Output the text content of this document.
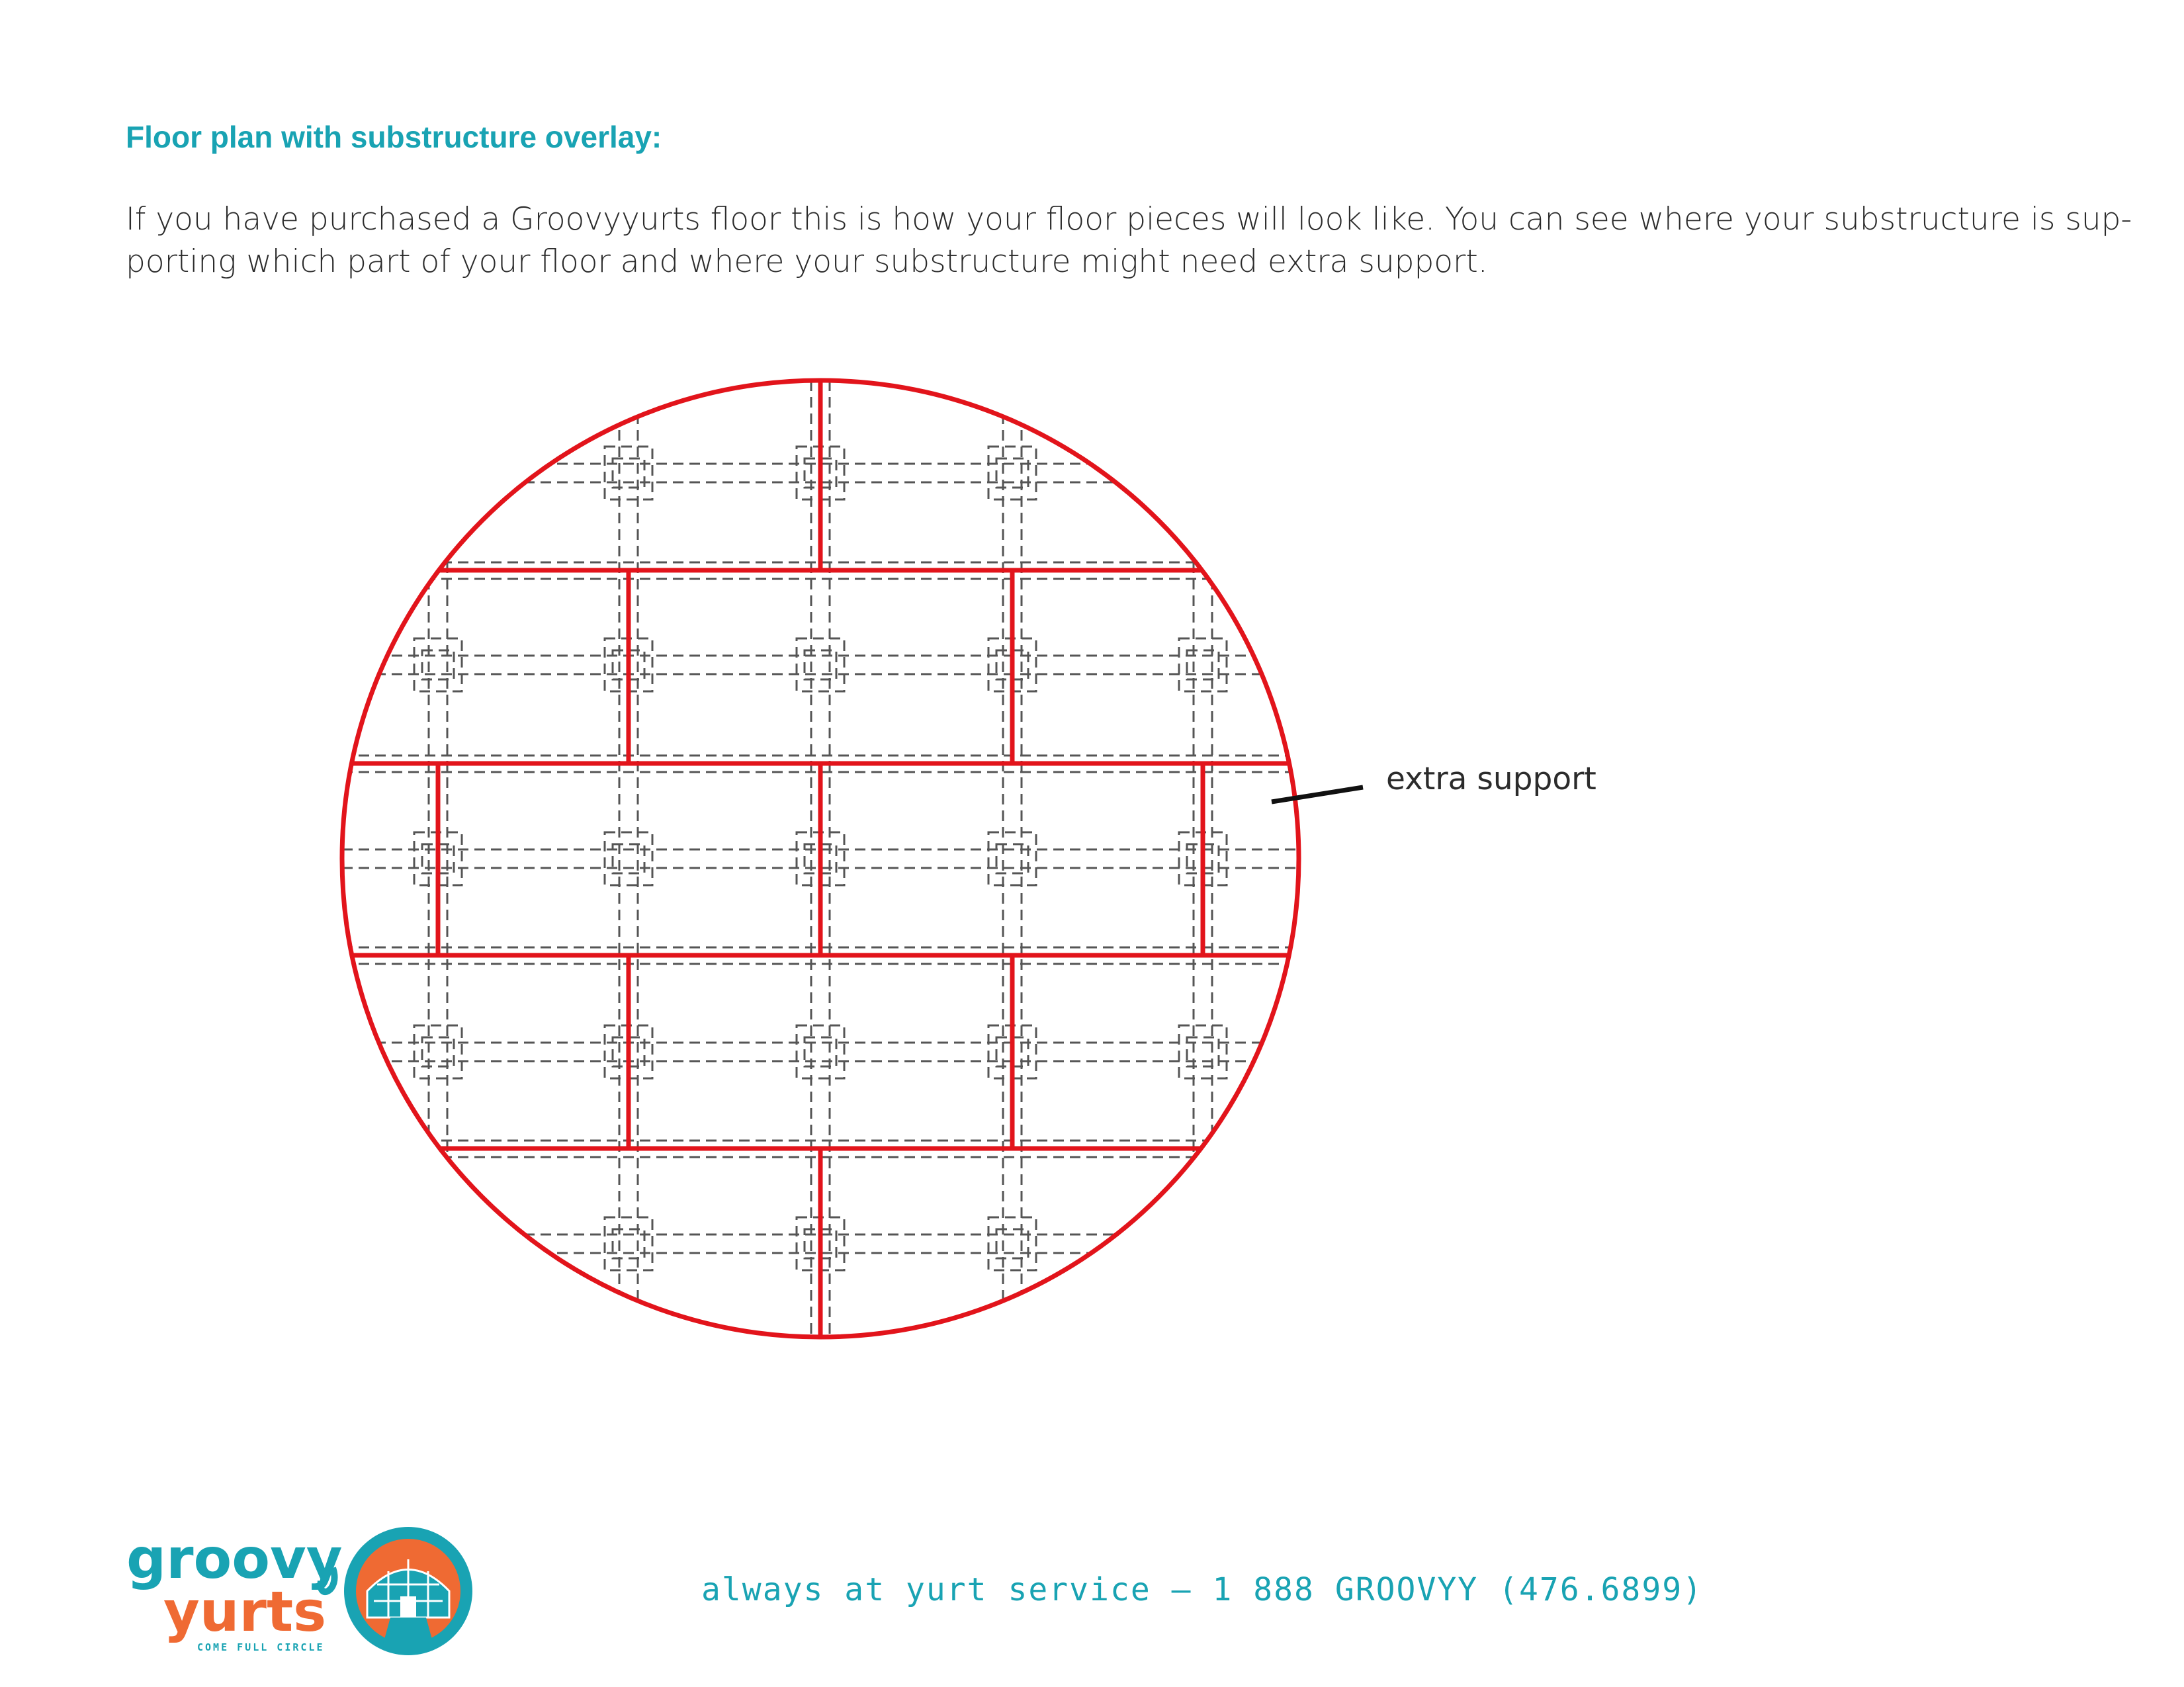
Floor plan with substructure overlay:
If you have purchased a Groovyyurts floor this is how your floor pieces will look like. You can see where your substructure is sup-
porting which part of your floor and where your substructure might need extra support.
extra support
groovy
yurts
COME FULL CIRCLE
always at yurt service – 1 888 GROOVYY (476.6899)
